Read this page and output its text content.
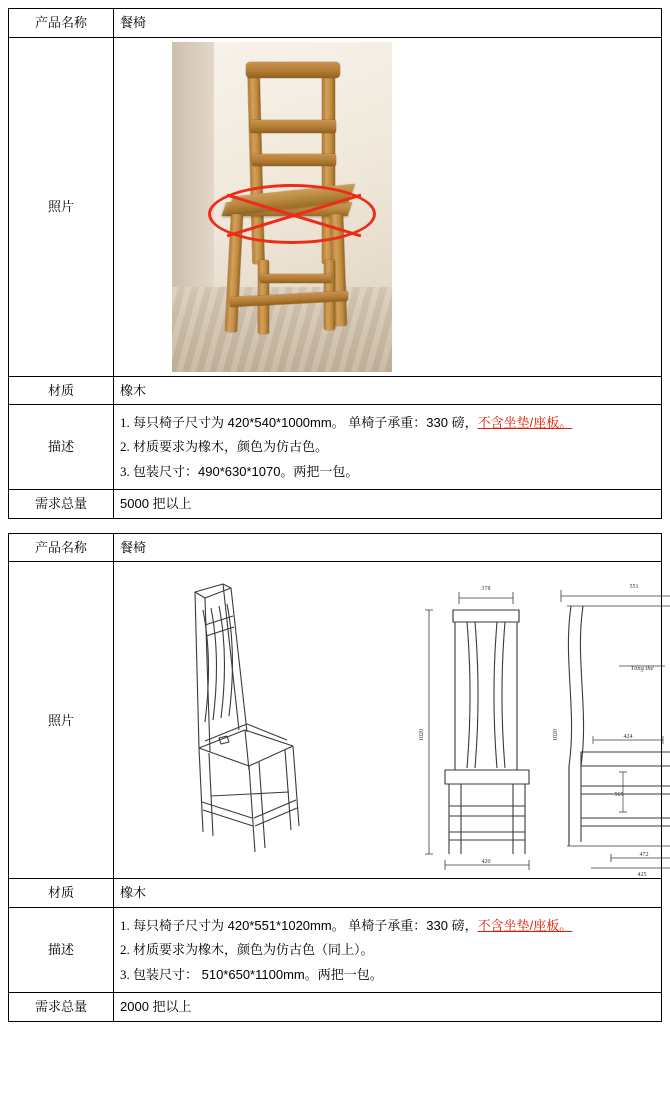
产品名称	餐椅
照片	

材质	橡木
描述	
1. 每只椅子尺寸为 420*540*1000mm。 单椅子承重：330 磅，不含坐垫/座板。
2. 材质要求为橡木，颜色为仿古色。
3. 包装尺寸：490*630*1070。两把一包。

需求总量	5000 把以上
产品名称	餐椅
照片	
378
420
1020
551
1020
Tổng thể
424
565
472
425

材质	橡木
描述	
1. 每只椅子尺寸为 420*551*1020mm。 单椅子承重：330 磅，不含坐垫/座板。
2. 材质要求为橡木，颜色为仿古色（同上）。
3. 包装尺寸： 510*650*1100mm。两把一包。

需求总量	2000 把以上
